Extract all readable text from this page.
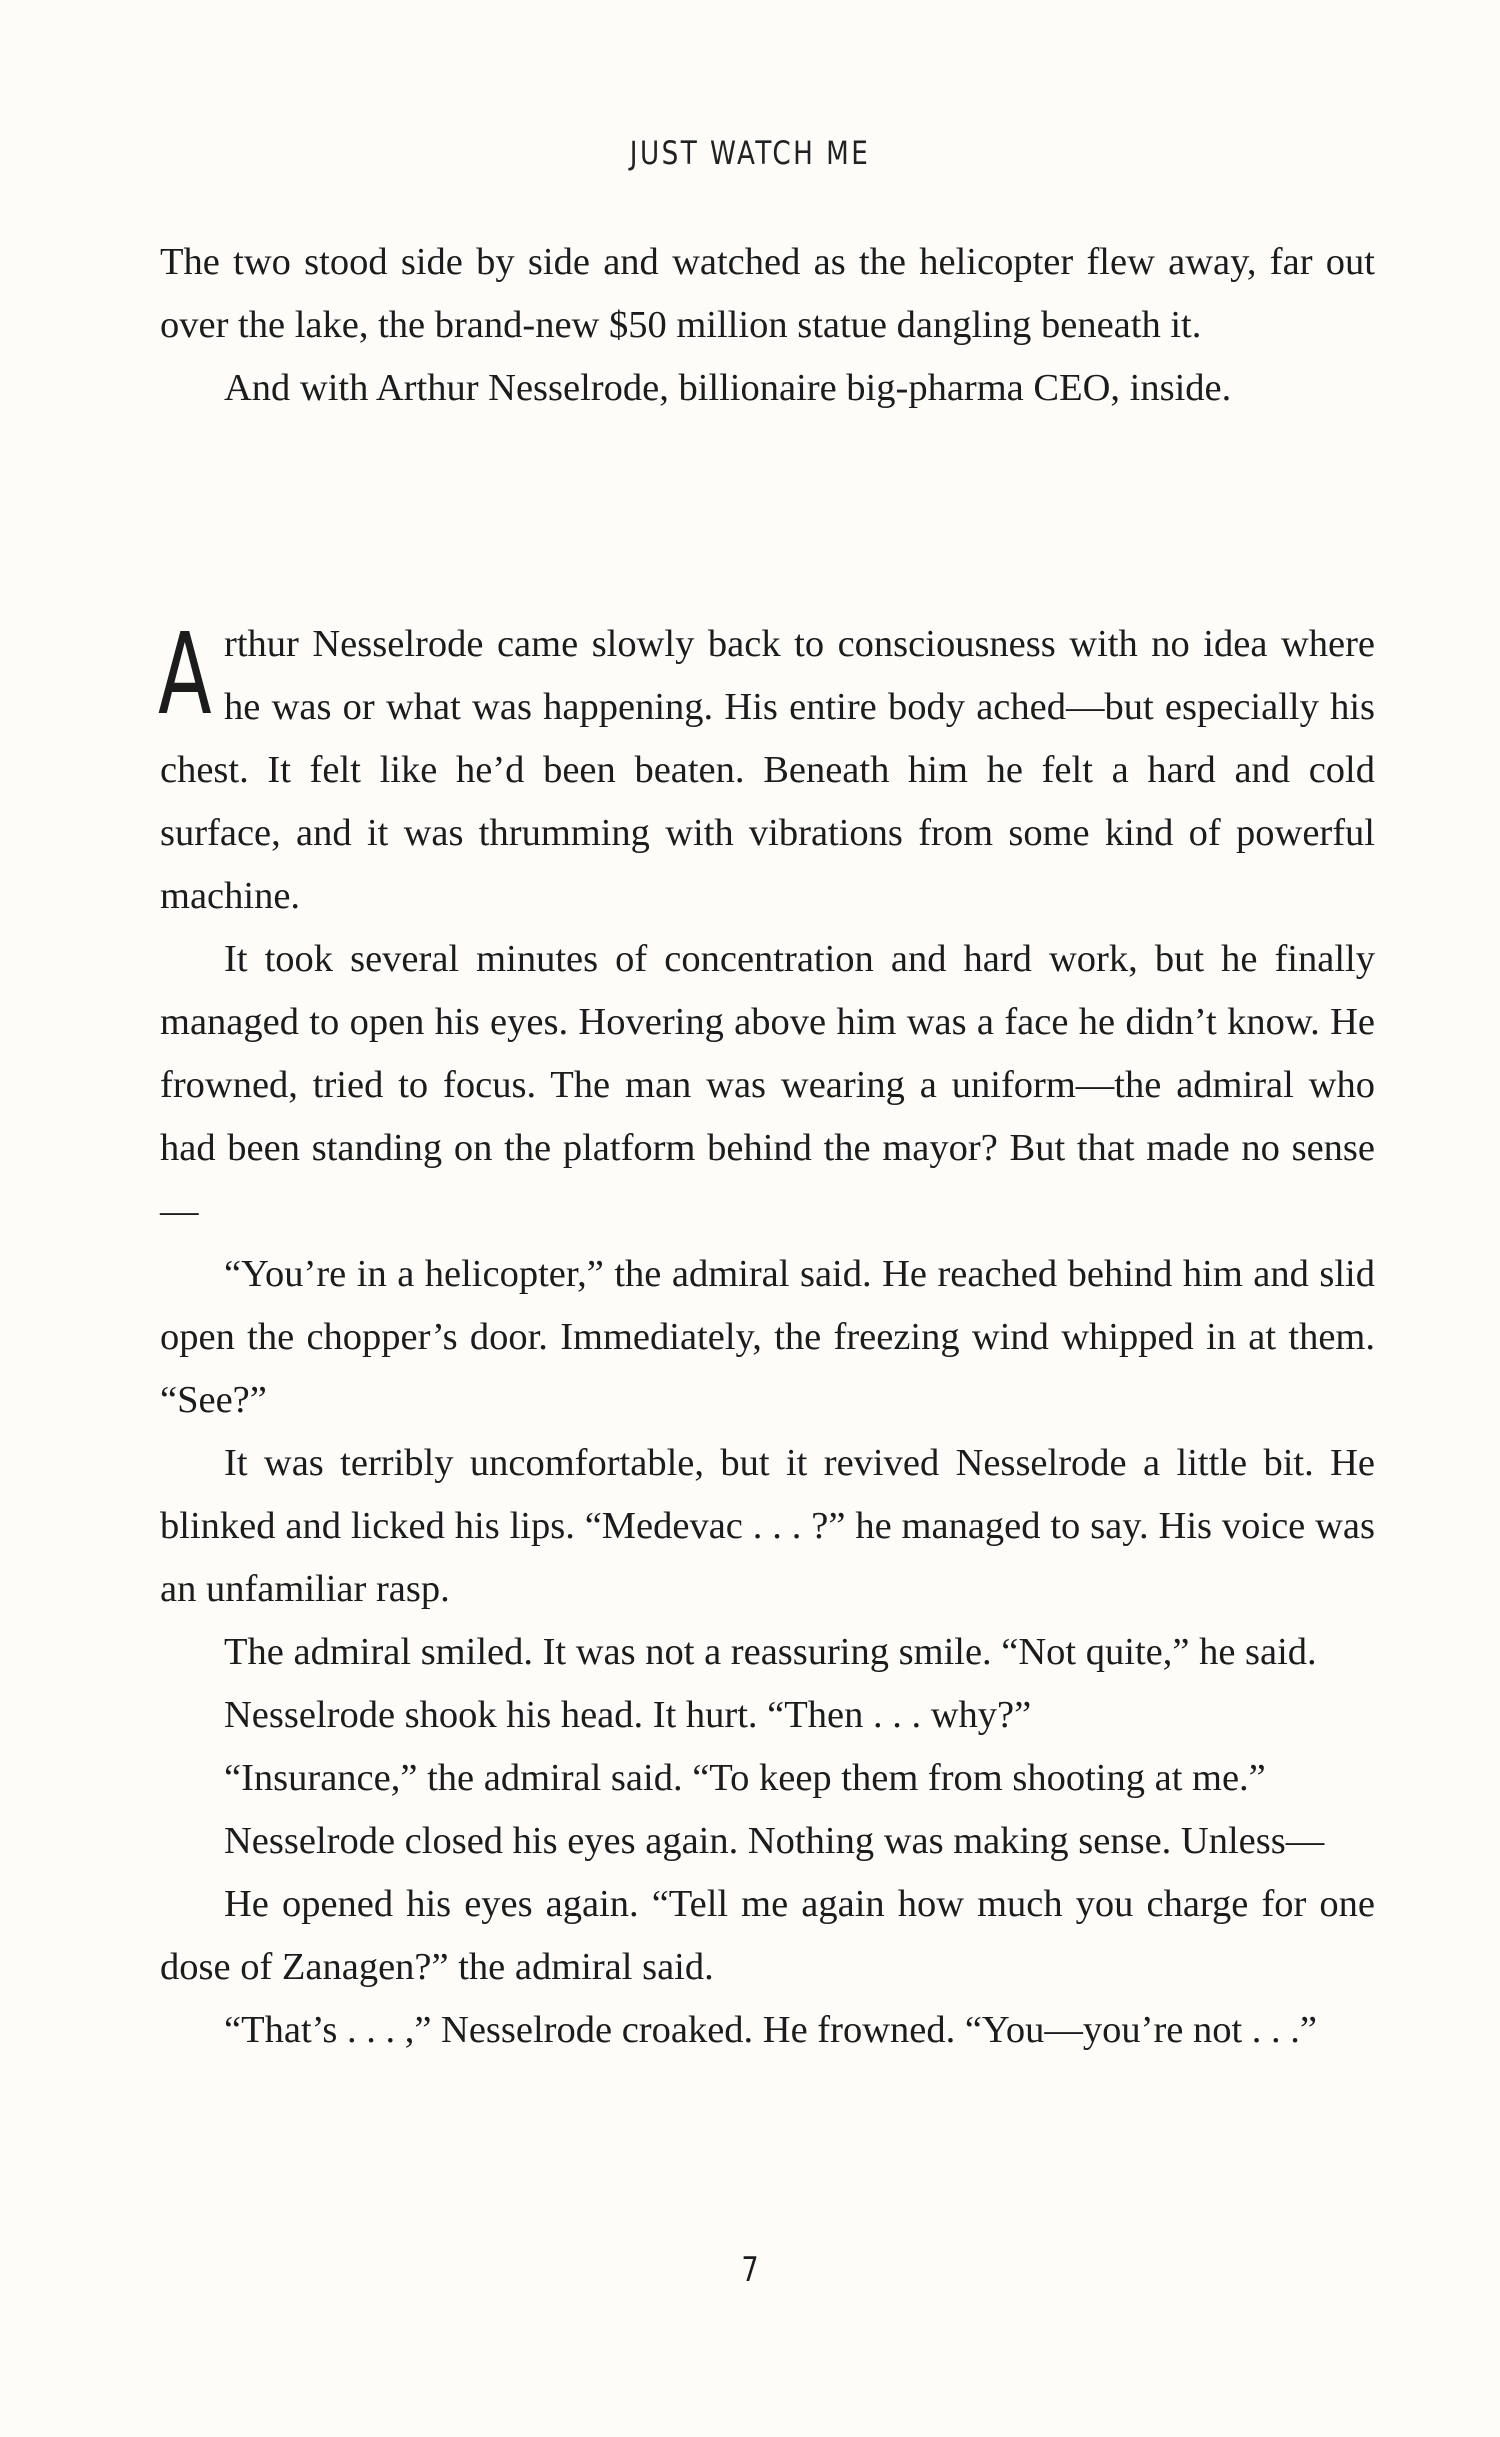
JUST WATCH ME

The two stood side by side and watched as the helicopter flew away, far out over the lake, the brand-new $50 million statue dangling beneath it.

And with Arthur Nesselrode, billionaire big-pharma CEO, inside.

Arthur Nesselrode came slowly back to consciousness with no idea where he was or what was happening. His entire body ached—but especially his chest. It felt like he’d been beaten. Beneath him he felt a hard and cold surface, and it was thrumming with vibrations from some kind of powerful machine.

It took several minutes of concentration and hard work, but he finally managed to open his eyes. Hovering above him was a face he didn’t know. He frowned, tried to focus. The man was wearing a uniform—the admiral who had been standing on the platform behind the mayor? But that made no sense—

“You’re in a helicopter,” the admiral said. He reached behind him and slid open the chopper’s door. Immediately, the freezing wind whipped in at them. “See?”

It was terribly uncomfortable, but it revived Nesselrode a little bit. He blinked and licked his lips. “Medevac . . . ?” he managed to say. His voice was an unfamiliar rasp.

The admiral smiled. It was not a reassuring smile. “Not quite,” he said.

Nesselrode shook his head. It hurt. “Then . . . why?”

“Insurance,” the admiral said. “To keep them from shooting at me.”

Nesselrode closed his eyes again. Nothing was making sense. Unless—

He opened his eyes again. “Tell me again how much you charge for one dose of Zanagen?” the admiral said.

“That’s . . . ,” Nesselrode croaked. He frowned. “You—you’re not . . .”

7
